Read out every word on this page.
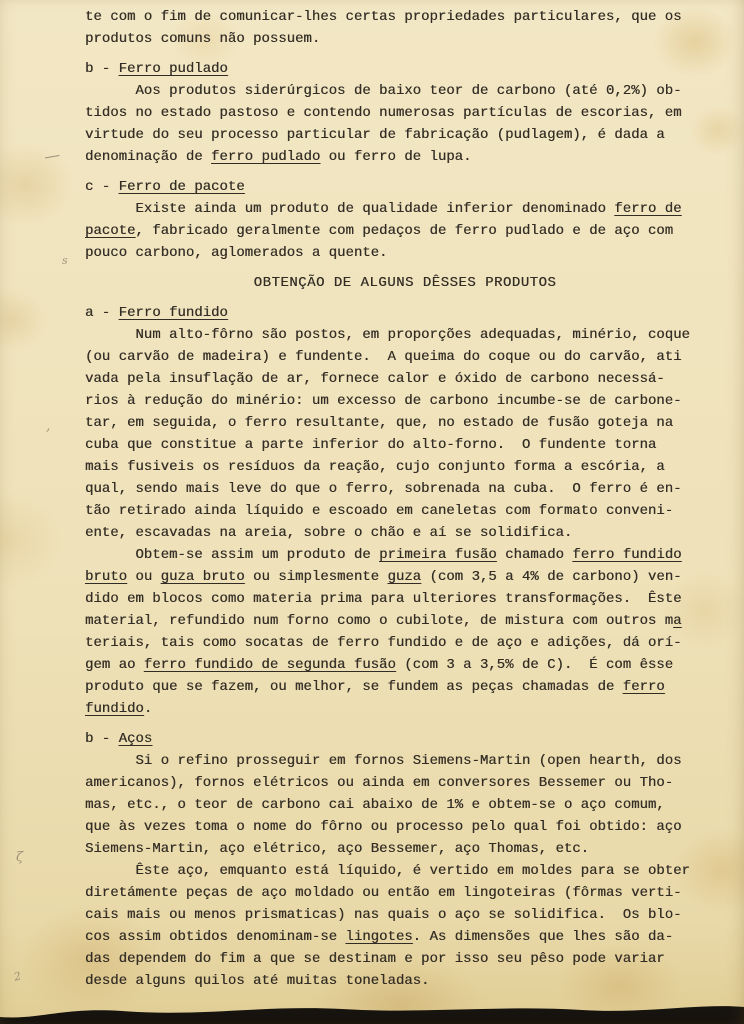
te com o fim de comunicar-lhes certas propriedades particulares, que os
produtos comuns não possuem.
b - Ferro pudlado
Aos produtos siderúrgicos de baixo teor de carbono (até 0,2%) ob-
tidos no estado pastoso e contendo numerosas partículas de escorias, em
virtude do seu processo particular de fabricação (pudlagem), é dada a
denominação de ferro pudlado ou ferro de lupa.
c - Ferro de pacote
Existe ainda um produto de qualidade inferior denominado ferro de
pacote, fabricado geralmente com pedaços de ferro pudlado e de aço com
pouco carbono, aglomerados a quente.
OBTENÇÃO DE ALGUNS DÊSSES PRODUTOS
a - Ferro fundido
Num alto-fôrno são postos, em proporções adequadas, minério, coque
(ou carvão de madeira) e fundente.  A queima do coque ou do carvão, ati
vada pela insuflação de ar, fornece calor e óxido de carbono necessá-
rios à redução do minério: um excesso de carbono incumbe-se de carbone-
tar, em seguida, o ferro resultante, que, no estado de fusão goteja na
cuba que constitue a parte inferior do alto-forno.  O fundente torna
mais fusiveis os resíduos da reação, cujo conjunto forma a escória, a
qual, sendo mais leve do que o ferro, sobrenada na cuba.  O ferro é en-
tão retirado ainda líquido e escoado em caneletas com formato conveni-
ente, escavadas na areia, sobre o chão e aí se solidifica.
Obtem-se assim um produto de primeira fusão chamado ferro fundido
bruto ou guza bruto ou simplesmente guza (com 3,5 a 4% de carbono) ven-
dido em blocos como materia prima para ulteriores transformações.  Êste
material, refundido num forno como o cubilote, de mistura com outros ma
teriais, tais como socatas de ferro fundido e de aço e adições, dá orí-
gem ao ferro fundido de segunda fusão (com 3 a 3,5% de C).  É com êsse
produto que se fazem, ou melhor, se fundem as peças chamadas de ferro
fundido.
b - Aços
Si o refino prosseguir em fornos Siemens-Martin (open hearth, dos
americanos), fornos elétricos ou ainda em conversores Bessemer ou Tho-
mas, etc., o teor de carbono cai abaixo de 1% e obtem-se o aço comum,
que às vezes toma o nome do fôrno ou processo pelo qual foi obtido: aço
Siemens-Martin, aço elétrico, aço Bessemer, aço Thomas, etc.
Êste aço, emquanto está líquido, é vertido em moldes para se obter
diretámente peças de aço moldado ou então em lingoteiras (fôrmas verti-
cais mais ou menos prismaticas) nas quais o aço se solidifica.  Os blo-
cos assim obtidos denominam-se lingotes. As dimensões que lhes são da-
das dependem do fim a que se destinam e por isso seu pêso pode variar
desde alguns quilos até muitas toneladas.
—
s
,
ζ
2
